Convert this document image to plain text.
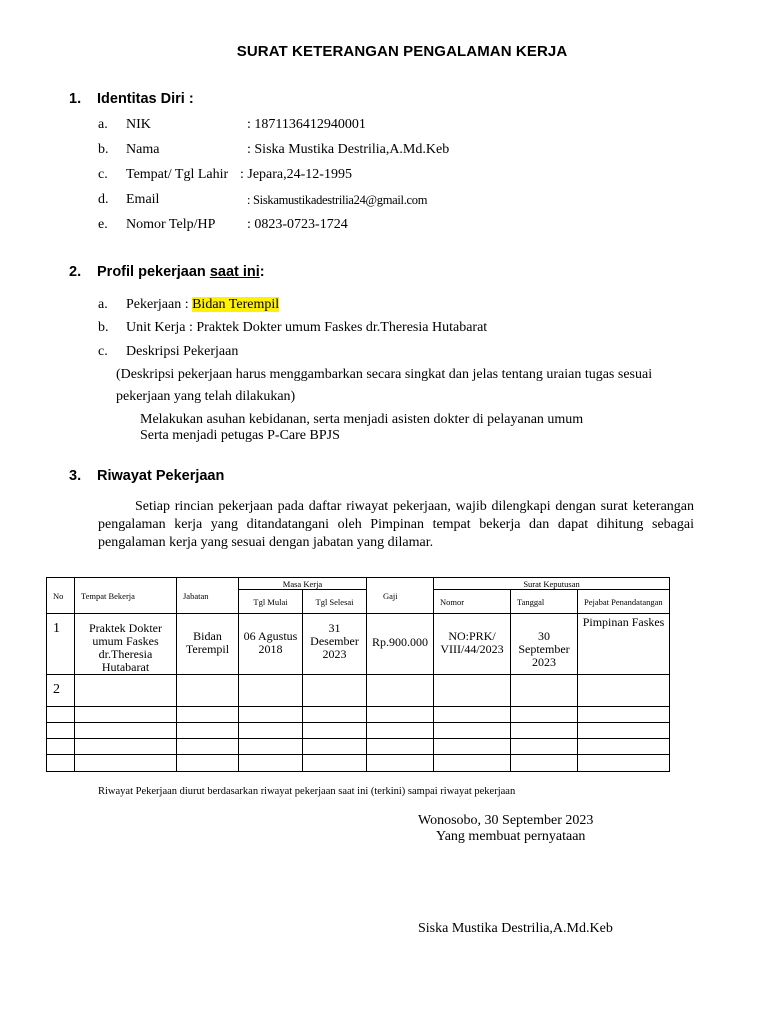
SURAT KETERANGAN PENGALAMAN KERJA
1. Identitas Diri :
a. NIK	: 1871136412940001
b. Nama	: Siska Mustika Destrilia,A.Md.Keb
c. Tempat/ Tgl Lahir : Jepara,24-12-1995
d. Email	: Siskamustikadestrilia24@gmail.com
e. Nomor Telp/HP : 0823-0723-1724
2. Profil pekerjaan saat ini:
a. Pekerjaan : Bidan Terempil
b. Unit Kerja : Praktek Dokter umum Faskes dr.Theresia Hutabarat
c. Deskripsi Pekerjaan
(Deskripsi pekerjaan harus menggambarkan secara singkat dan jelas tentang uraian tugas sesuai
pekerjaan yang telah dilakukan)
Melakukan asuhan kebidanan, serta menjadi asisten dokter di pelayanan umum
Serta menjadi petugas P-Care BPJS
3. Riwayat Pekerjaan
Setiap rincian pekerjaan pada daftar riwayat pekerjaan, wajib dilengkapi dengan surat keterangan pengalaman kerja yang ditandatangani oleh Pimpinan tempat bekerja dan dapat dihitung sebagai pengalaman kerja yang sesuai dengan jabatan yang dilamar.
No	Tempat Bekerja	Jabatan	Masa Kerja		Gaji	Surat Keputusan		
			Tgl Mulai	Tgl Selesai		Nomor	Tanggal	Pejabat Penandatangan
1	Praktek Dokter umum Faskes dr.Theresia Hutabarat	Bidan Terempil	06 Agustus 2018	31 Desember 2023	Rp.900.000	NO:PRK/ VIII/44/2023	30 September 2023	Pimpinan Faskes
2								

Riwayat Pekerjaan diurut berdasarkan riwayat pekerjaan saat ini (terkini) sampai riwayat pekerjaan
Wonosobo, 30 September 2023
Yang membuat pernyataan
Siska Mustika Destrilia,A.Md.Keb
